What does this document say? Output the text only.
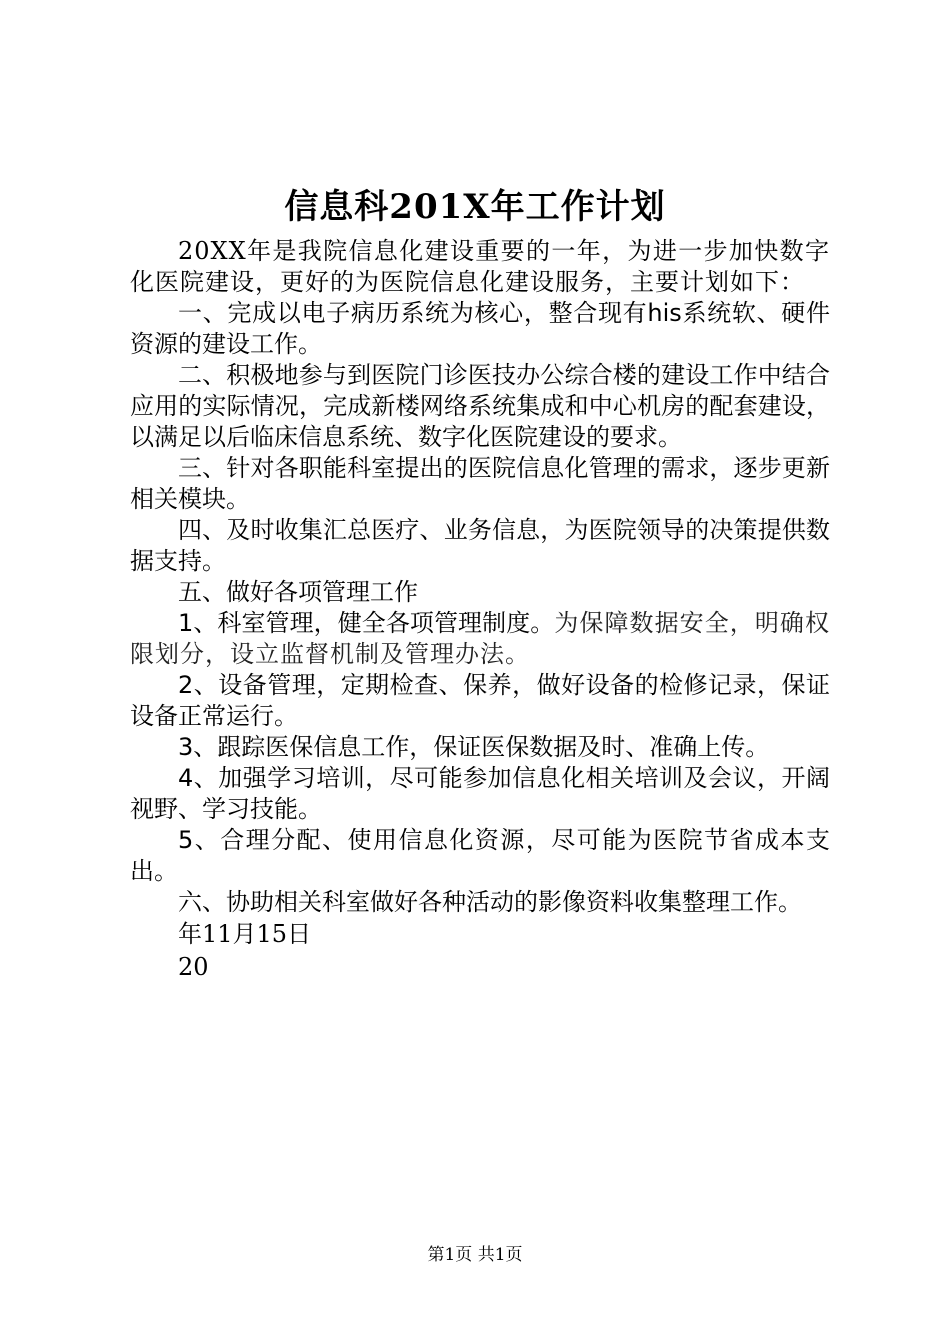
信息科201X年工作计划

20XX年是我院信息化建设重要的一年，为进一步加快数字化医院建设，更好的为医院信息化建设服务，主要计划如下：

一、完成以电子病历系统为核心，整合现有his系统软、硬件资源的建设工作。

二、积极地参与到医院门诊医技办公综合楼的建设工作中结合应用的实际情况，完成新楼网络系统集成和中心机房的配套建设，以满足以后临床信息系统、数字化医院建设的要求。

三、针对各职能科室提出的医院信息化管理的需求，逐步更新相关模块。

四、及时收集汇总医疗、业务信息，为医院领导的决策提供数据支持。

五、做好各项管理工作

1、科室管理，健全各项管理制度。为保障数据安全，明确权限划分，设立监督机制及管理办法。

2、设备管理，定期检查、保养，做好设备的检修记录，保证设备正常运行。

3、跟踪医保信息工作，保证医保数据及时、准确上传。

4、加强学习培训，尽可能参加信息化相关培训及会议，开阔视野、学习技能。

5、合理分配、使用信息化资源，尽可能为医院节省成本支出。

六、协助相关科室做好各种活动的影像资料收集整理工作。

年11月15日

20

第1页 共1页
